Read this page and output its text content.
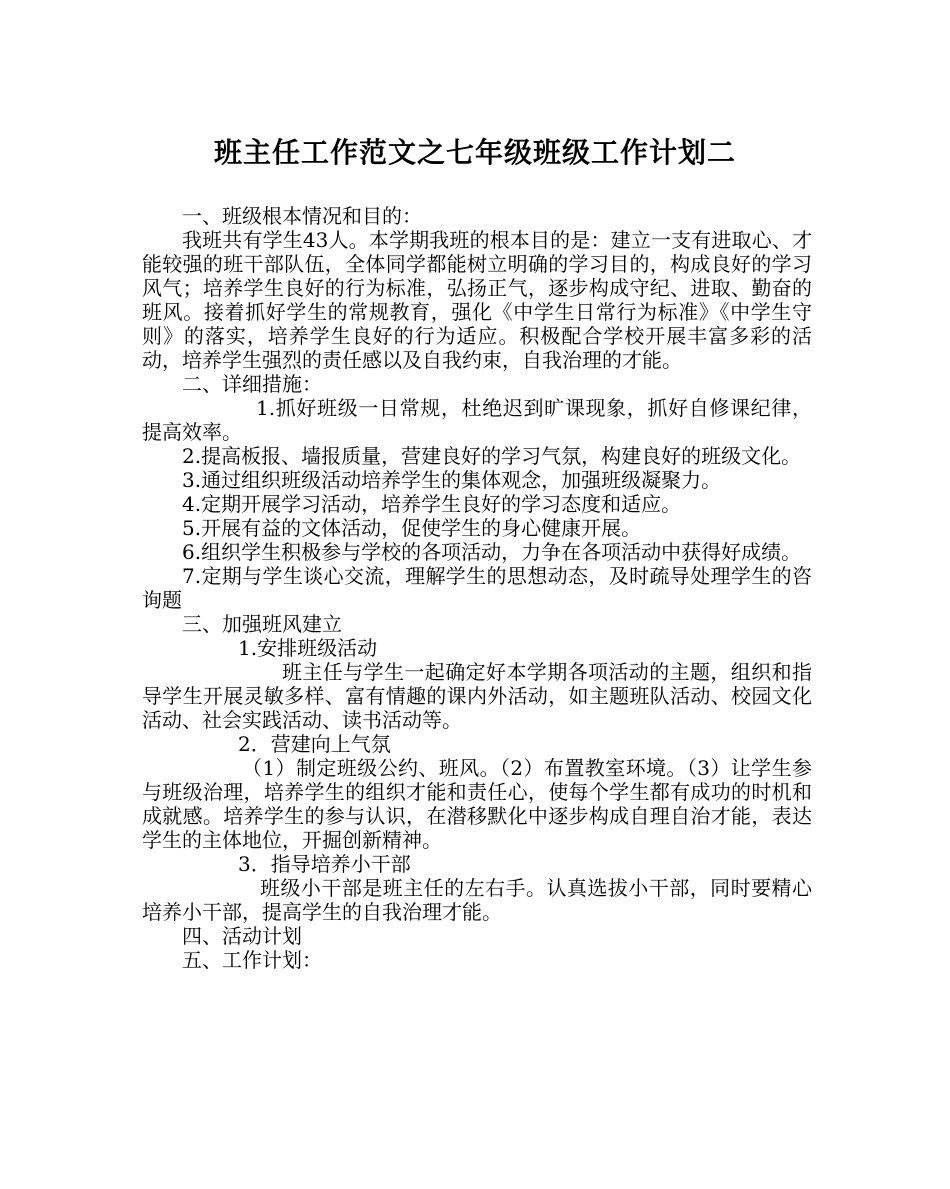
班主任工作范文之七年级班级工作计划二

一、班级根本情况和目的：

我班共有学生43人。本学期我班的根本目的是：建立一支有进取心、才能较强的班干部队伍，全体同学都能树立明确的学习目的，构成良好的学习风气；培养学生良好的行为标准，弘扬正气，逐步构成守纪、进取、勤奋的班风。接着抓好学生的常规教育，强化《中学生日常行为标准》《中学生守则》的落实，培养学生良好的行为适应。积极配合学校开展丰富多彩的活动，培养学生强烈的责任感以及自我约束，自我治理的才能。

二、详细措施：

1.抓好班级一日常规，杜绝迟到旷课现象，抓好自修课纪律，提高效率。

2.提高板报、墙报质量，营建良好的学习气氛，构建良好的班级文化。

3.通过组织班级活动培养学生的集体观念，加强班级凝聚力。

4.定期开展学习活动，培养学生良好的学习态度和适应。

5.开展有益的文体活动，促使学生的身心健康开展。

6.组织学生积极参与学校的各项活动，力争在各项活动中获得好成绩。

7.定期与学生谈心交流，理解学生的思想动态，及时疏导处理学生的咨询题

三、加强班风建立

1.安排班级活动

班主任与学生一起确定好本学期各项活动的主题，组织和指导学生开展灵敏多样、富有情趣的课内外活动，如主题班队活动、校园文化活动、社会实践活动、读书活动等。

2．营建向上气氛

（1）制定班级公约、班风。（2）布置教室环境。（3）让学生参与班级治理，培养学生的组织才能和责任心，使每个学生都有成功的时机和成就感。培养学生的参与认识，在潜移默化中逐步构成自理自治才能，表达学生的主体地位，开掘创新精神。

3．指导培养小干部

班级小干部是班主任的左右手。认真选拔小干部，同时要精心培养小干部，提高学生的自我治理才能。

四、活动计划

五、工作计划：
